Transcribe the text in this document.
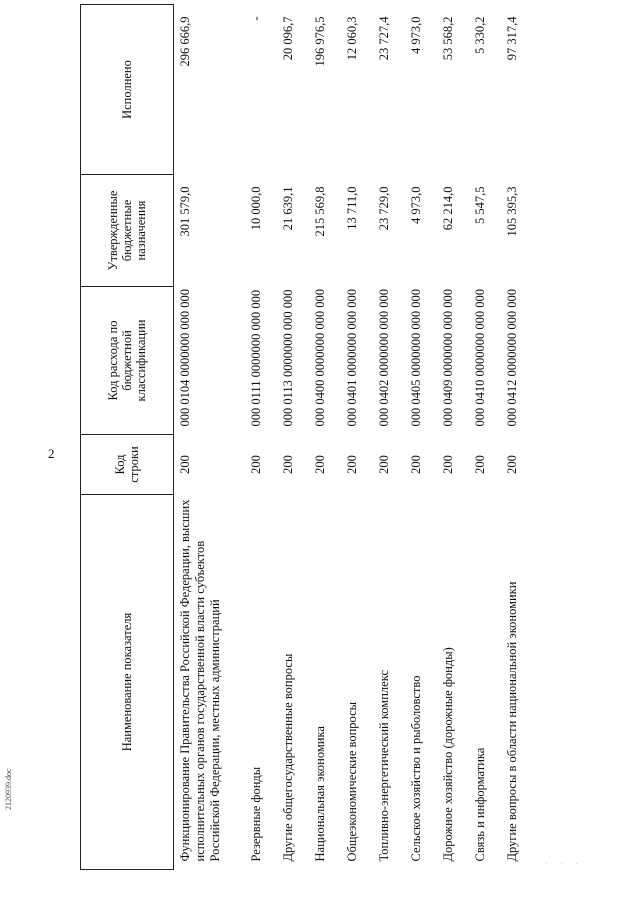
2
2120939.doc
. . .
Наименование показателя	Код строки	Код расхода по бюджетной классификации	Утвержденные бюджетные назначения	Исполнено
Функционирование Правительства Российской Федерации, высших исполнительных органов государственной власти субъектов Российской Федерации, местных администраций	200	000 0104 0000000 000 000	301 579,0	296 666,9
Резервные фонды	200	000 0111 0000000 000 000	10 000,0	-
Другие общегосударственные вопросы	200	000 0113 0000000 000 000	21 639,1	20 096,7
Национальная экономика	200	000 0400 0000000 000 000	215 569,8	196 976,5
Общеэкономические вопросы	200	000 0401 0000000 000 000	13 711,0	12 060,3
Топливно-энергетический комплекс	200	000 0402 0000000 000 000	23 729,0	23 727,4
Сельское хозяйство и рыболовство	200	000 0405 0000000 000 000	4 973,0	4 973,0
Дорожное хозяйство (дорожные фонды)	200	000 0409 0000000 000 000	62 214,0	53 568,2
Связь и информатика	200	000 0410 0000000 000 000	5 547,5	5 330,2
Другие вопросы в области национальной экономики	200	000 0412 0000000 000 000	105 395,3	97 317,4
